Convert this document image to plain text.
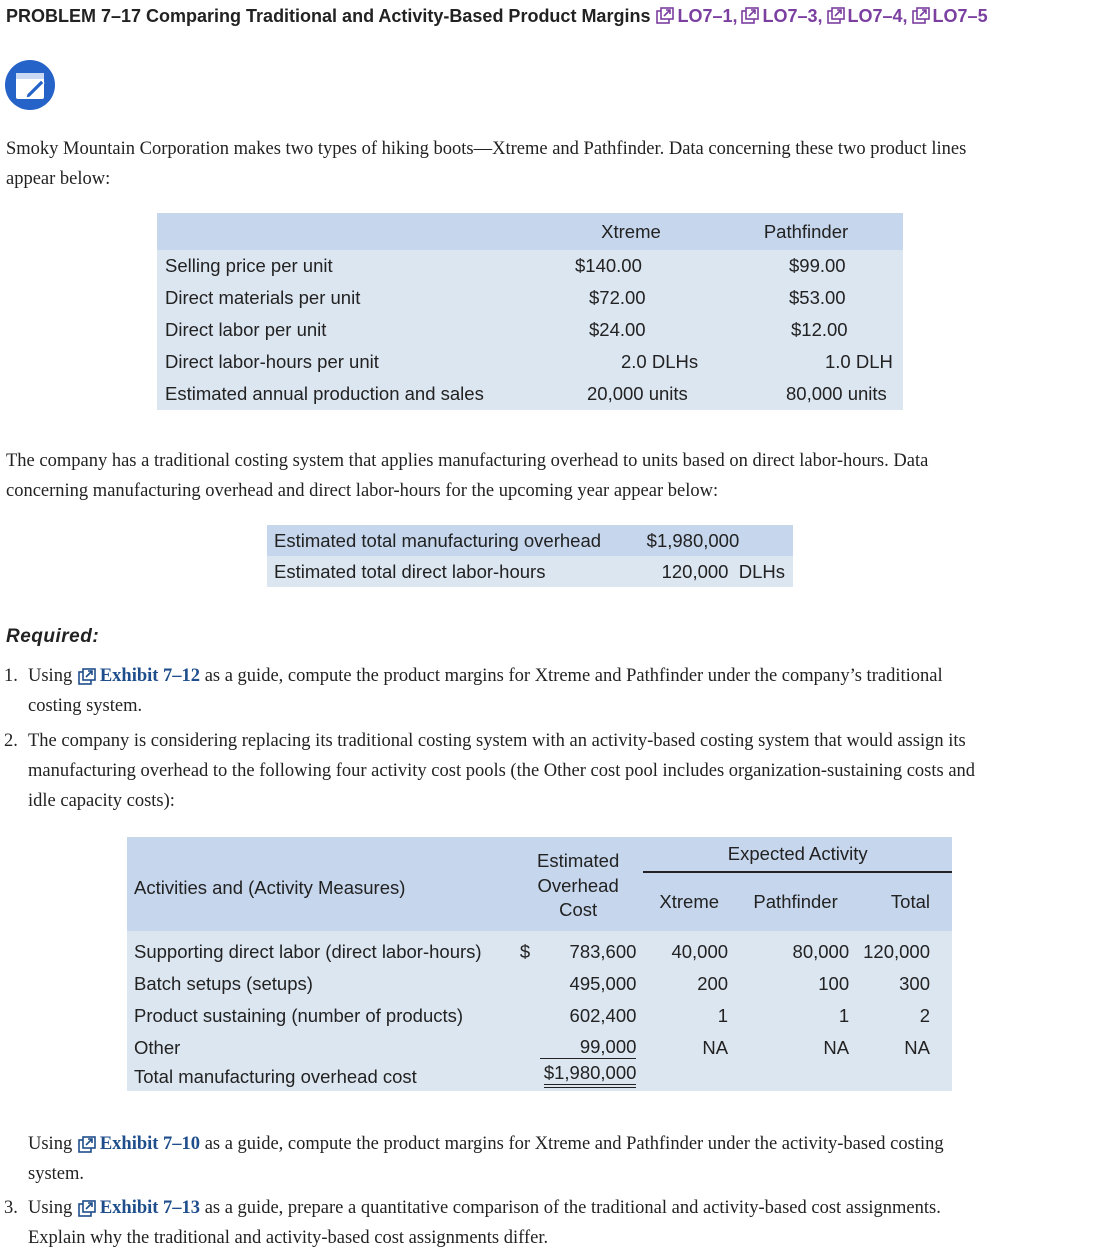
PROBLEM 7–17 Comparing Traditional and Activity-Based Product Margins LO7–1, LO7–3, LO7–4, LO7–5
Smoky Mountain Corporation makes two types of hiking boots—Xtreme and Pathfinder. Data concerning these two product lines
appear below:
	Xtreme	Pathfinder
Selling price per unit	$140.00	$99.00
Direct materials per unit	$72.00	$53.00
Direct labor per unit	$24.00	$12.00
Direct labor-hours per unit	2.0 DLHs	1.0 DLH
Estimated annual production and sales	20,000 units	80,000 units
The company has a traditional costing system that applies manufacturing overhead to units based on direct labor-hours. Data
concerning manufacturing overhead and direct labor-hours for the upcoming year appear below:
Estimated total manufacturing overhead	$1,980,000
Estimated total direct labor-hours	120,000  DLHs
Required:
1. Using Exhibit 7–12 as a guide, compute the product margins for Xtreme and Pathfinder under the company’s traditional
costing system.
2. The company is considering replacing its traditional costing system with an activity-based costing system that would assign its
manufacturing overhead to the following four activity cost pools (the Other cost pool includes organization-sustaining costs and
idle capacity costs):
Activities and (Activity Measures)	Estimated		Expected Activity		
	Overhead		Xtreme	Pathfinder	Total
	Cost				
Supporting direct labor (direct labor-hours)	$	783,600	40,000	80,000	120,000
Batch setups (setups)		495,000	200	100	300
Product sustaining (number of products)		602,400	1	1	2
Other		99,000	NA	NA	NA
Total manufacturing overhead cost	$1,980,000				
Using Exhibit 7–10 as a guide, compute the product margins for Xtreme and Pathfinder under the activity-based costing
system.
3. Using Exhibit 7–13 as a guide, prepare a quantitative comparison of the traditional and activity-based cost assignments.
Explain why the traditional and activity-based cost assignments differ.
